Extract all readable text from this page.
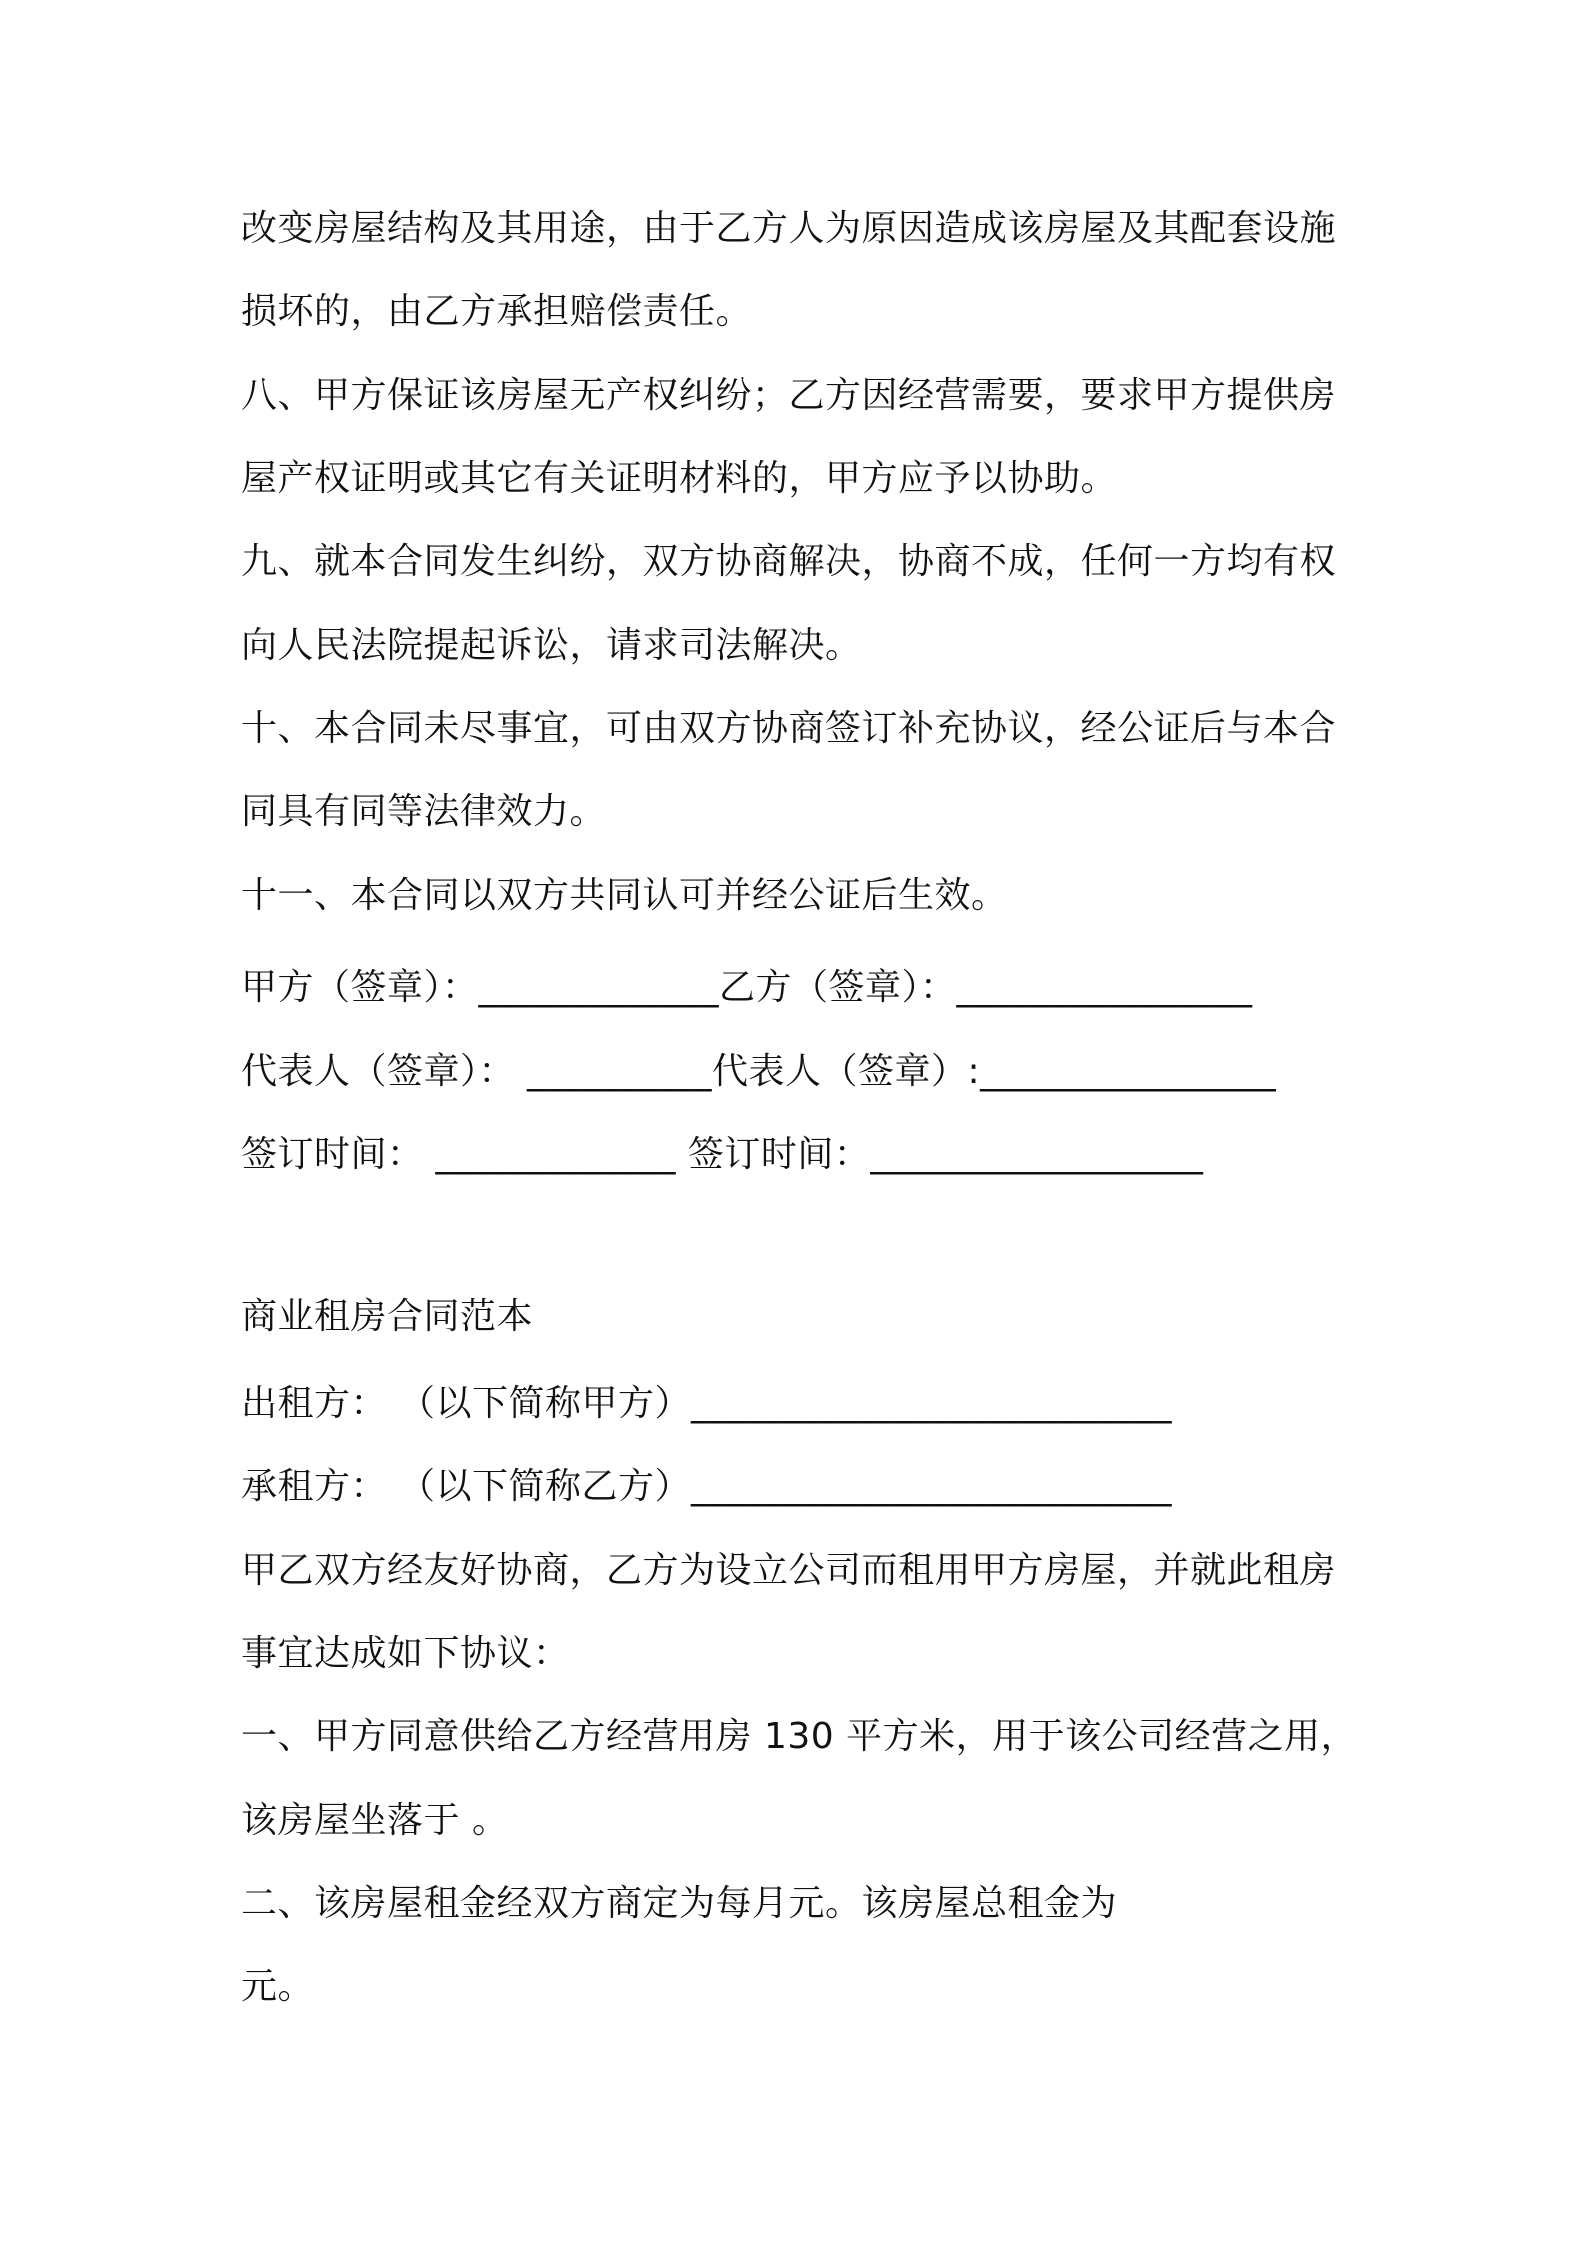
改变房屋结构及其用途，由于乙方人为原因造成该房屋及其配套设施

损坏的，由乙方承担赔偿责任。

八、甲方保证该房屋无产权纠纷；乙方因经营需要，要求甲方提供房

屋产权证明或其它有关证明材料的，甲方应予以协助。

九、就本合同发生纠纷，双方协商解决，协商不成，任何一方均有权

向人民法院提起诉讼，请求司法解决。

十、本合同未尽事宜，可由双方协商签订补充协议，经公证后与本合

同具有同等法律效力。

十一、本合同以双方共同认可并经公证后生效。

甲方（签章）：_____________乙方（签章）：________________

代表人（签章）： __________代表人（签章）:________________

签订时间： _____________ 签订时间：__________________

商业租房合同范本

出租方： （以下简称甲方）__________________________

承租方： （以下简称乙方）__________________________

甲乙双方经友好协商，乙方为设立公司而租用甲方房屋，并就此租房

事宜达成如下协议：

一、甲方同意供给乙方经营用房 130 平方米，用于该公司经营之用，

该房屋坐落于 。

二、该房屋租金经双方商定为每月元。该房屋总租金为

元。
